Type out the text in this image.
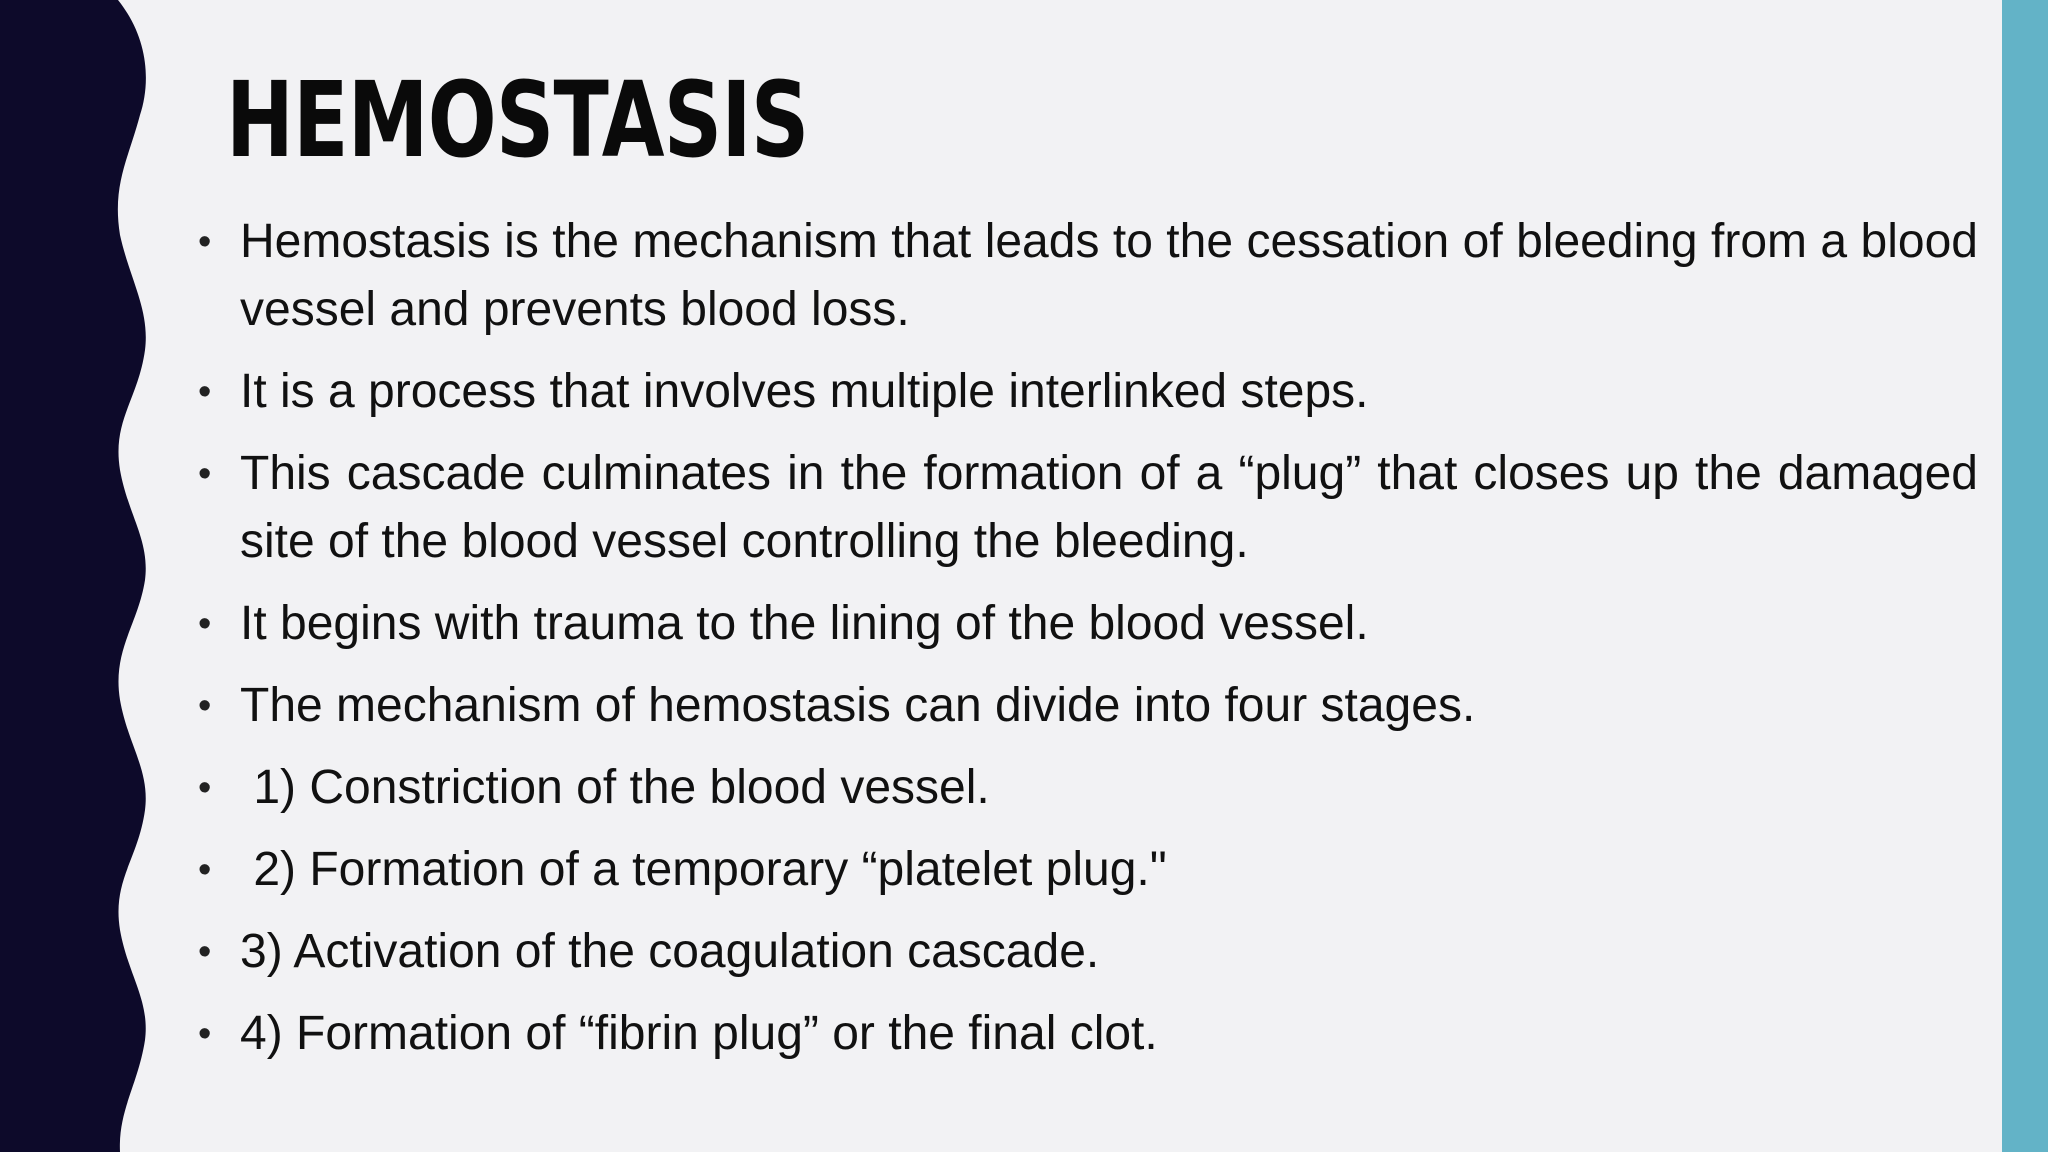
HEMOSTASIS
• Hemostasis is the mechanism that leads to the cessation of bleeding from a blood vessel and prevents blood loss.
• It is a process that involves multiple interlinked steps.
• This cascade culminates in the formation of a “plug” that closes up the damaged site of the blood vessel controlling the bleeding.
• It begins with trauma to the lining of the blood vessel.
• The mechanism of hemostasis can divide into four stages.
• 1) Constriction of the blood vessel.
• 2) Formation of a temporary “platelet plug."
• 3) Activation of the coagulation cascade.
• 4) Formation of “fibrin plug” or the final clot.
